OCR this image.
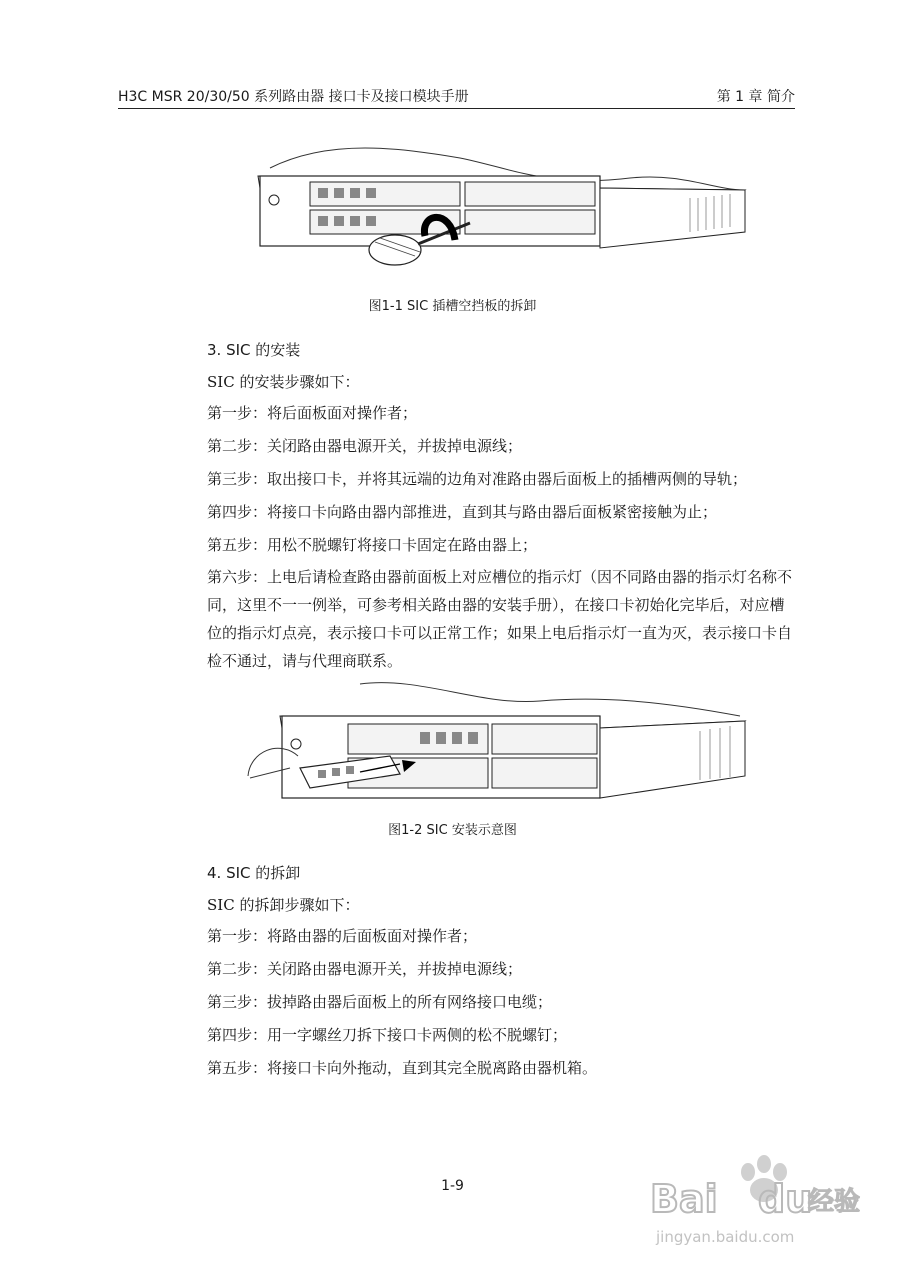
H3C MSR 20/30/50 系列路由器 接口卡及接口模块手册	第 1 章 简介
图1-1 SIC 插槽空挡板的拆卸
3. SIC 的安装
SIC 的安装步骤如下：
第一步：将后面板面对操作者；
第二步：关闭路由器电源开关，并拔掉电源线；
第三步：取出接口卡，并将其远端的边角对准路由器后面板上的插槽两侧的导轨；
第四步：将接口卡向路由器内部推进，直到其与路由器后面板紧密接触为止；
第五步：用松不脱螺钉将接口卡固定在路由器上；
第六步：上电后请检查路由器前面板上对应槽位的指示灯（因不同路由器的指示灯名称不同，这里不一一例举，可参考相关路由器的安装手册），在接口卡初始化完毕后，对应槽位的指示灯点亮，表示接口卡可以正常工作；如果上电后指示灯一直为灭，表示接口卡自检不通过，请与代理商联系。
图1-2 SIC 安装示意图
4. SIC 的拆卸
SIC 的拆卸步骤如下：
第一步：将路由器的后面板面对操作者；
第二步：关闭路由器电源开关，并拔掉电源线；
第三步：拔掉路由器后面板上的所有网络接口电缆；
第四步：用一字螺丝刀拆下接口卡两侧的松不脱螺钉；
第五步：将接口卡向外拖动，直到其完全脱离路由器机箱。
1-9	Bai du
经验
jingyan.baidu.com
